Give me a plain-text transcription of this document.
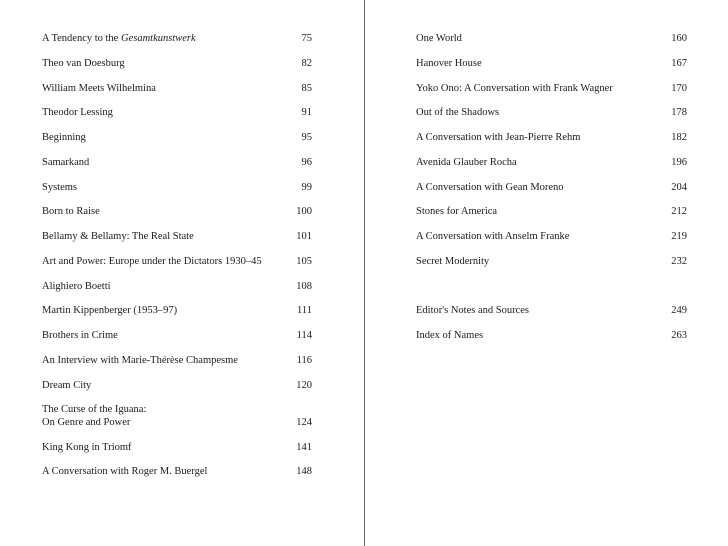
A Tendency to the Gesamtkunstwerk	75
Theo van Doesburg	82
William Meets Wilhelmina	85
Theodor Lessing	91
Beginning	95
Samarkand	96
Systems	99
Born to Raise	100
Bellamy & Bellamy: The Real State	101
Art and Power: Europe under the Dictators 1930–45	105
Alighiero Boetti	108
Martin Kippenberger (1953–97)	111
Brothers in Crime	114
An Interview with Marie-Thérèse Champesme	116
Dream City	120
The Curse of the Iguana:
On Genre and Power	124
King Kong in Triomf	141
A Conversation with Roger M. Buergel	148
One World	160
Hanover House	167
Yoko Ono: A Conversation with Frank Wagner	170
Out of the Shadows	178
A Conversation with Jean-Pierre Rehm	182
Avenida Glauber Rocha	196
A Conversation with Gean Moreno	204
Stones for America	212
A Conversation with Anselm Franke	219
Secret Modernity	232
Editor's Notes and Sources	249
Index of Names	263
